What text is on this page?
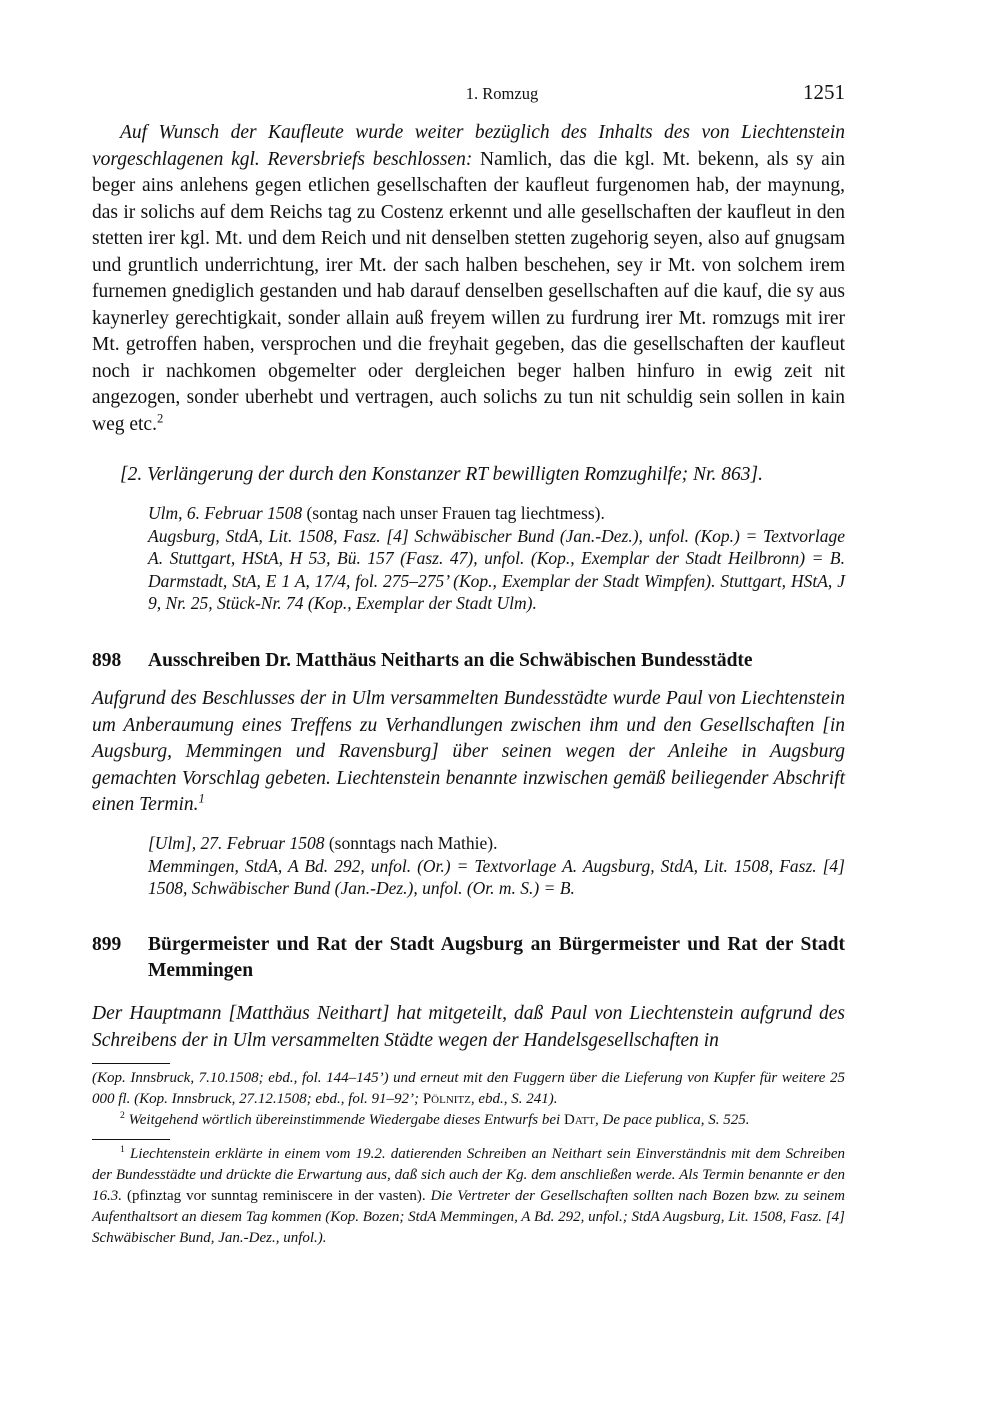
1. Romzug	1251
Auf Wunsch der Kaufleute wurde weiter bezüglich des Inhalts des von Liechtenstein vorgeschlagenen kgl. Reversbriefs beschlossen: Namlich, das die kgl. Mt. bekenn, als sy ain beger ains anlehens gegen etlichen gesellschaften der kaufleut furgenomen hab, der maynung, das ir solichs auf dem Reichs tag zu Costenz erkennt und alle gesellschaften der kaufleut in den stetten irer kgl. Mt. und dem Reich und nit denselben stetten zugehorig seyen, also auf gnugsam und gruntlich underrichtung, irer Mt. der sach halben beschehen, sey ir Mt. von solchem irem furnemen gnediglich gestanden und hab darauf denselben gesellschaften auf die kauf, die sy aus kaynerley gerechtigkait, sonder allain auß freyem willen zu furdrung irer Mt. romzugs mit irer Mt. getroffen haben, versprochen und die freyhait gegeben, das die gesellschaften der kaufleut noch ir nachkomen obgemelter oder dergleichen beger halben hinfuro in ewig zeit nit angezogen, sonder uberhebt und vertragen, auch solichs zu tun nit schuldig sein sollen in kain weg etc.$^2$
[2. Verlängerung der durch den Konstanzer RT bewilligten Romzughilfe; Nr. 863].
Ulm, 6. Februar 1508 (sontag nach unser Frauen tag liechtmess).
Augsburg, StdA, Lit. 1508, Fasz. [4] Schwäbischer Bund (Jan.-Dez.), unfol. (Kop.) = Textvorlage A. Stuttgart, HStA, H 53, Bü. 157 (Fasz. 47), unfol. (Kop., Exemplar der Stadt Heilbronn) = B. Darmstadt, StA, E 1 A, 17/4, fol. 275–275’ (Kop., Exemplar der Stadt Wimpfen). Stuttgart, HStA, J 9, Nr. 25, Stück-Nr. 74 (Kop., Exemplar der Stadt Ulm).
898	Ausschreiben Dr. Matthäus Neitharts an die Schwäbischen Bundesstädte
Aufgrund des Beschlusses der in Ulm versammelten Bundesstädte wurde Paul von Liechtenstein um Anberaumung eines Treffens zu Verhandlungen zwischen ihm und den Gesellschaften [in Augsburg, Memmingen und Ravensburg] über seinen wegen der Anleihe in Augsburg gemachten Vorschlag gebeten. Liechtenstein benannte inzwischen gemäß beiliegender Abschrift einen Termin.$^1$
[Ulm], 27. Februar 1508 (sonntags nach Mathie).
Memmingen, StdA, A Bd. 292, unfol. (Or.) = Textvorlage A. Augsburg, StdA, Lit. 1508, Fasz. [4] 1508, Schwäbischer Bund (Jan.-Dez.), unfol. (Or. m. S.) = B.
899	Bürgermeister und Rat der Stadt Augsburg an Bürgermeister und Rat der Stadt Memmingen
Der Hauptmann [Matthäus Neithart] hat mitgeteilt, daß Paul von Liechtenstein aufgrund des Schreibens der in Ulm versammelten Städte wegen der Handelsgesellschaften in
(Kop. Innsbruck, 7.10.1508; ebd., fol. 144–145’) und erneut mit den Fuggern über die Lieferung von Kupfer für weitere 25 000 fl. (Kop. Innsbruck, 27.12.1508; ebd., fol. 91–92’; Pölnitz, ebd., S. 241).
$^2$ Weitgehend wörtlich übereinstimmende Wiedergabe dieses Entwurfs bei Datt, De pace publica, S. 525.
$^1$ Liechtenstein erklärte in einem vom 19.2. datierenden Schreiben an Neithart sein Einverständnis mit dem Schreiben der Bundesstädte und drückte die Erwartung aus, daß sich auch der Kg. dem anschließen werde. Als Termin benannte er den 16.3. (pfinztag vor sunntag reminiscere in der vasten). Die Vertreter der Gesellschaften sollten nach Bozen bzw. zu seinem Aufenthaltsort an diesem Tag kommen (Kop. Bozen; StdA Memmingen, A Bd. 292, unfol.; StdA Augsburg, Lit. 1508, Fasz. [4] Schwäbischer Bund, Jan.-Dez., unfol.).
